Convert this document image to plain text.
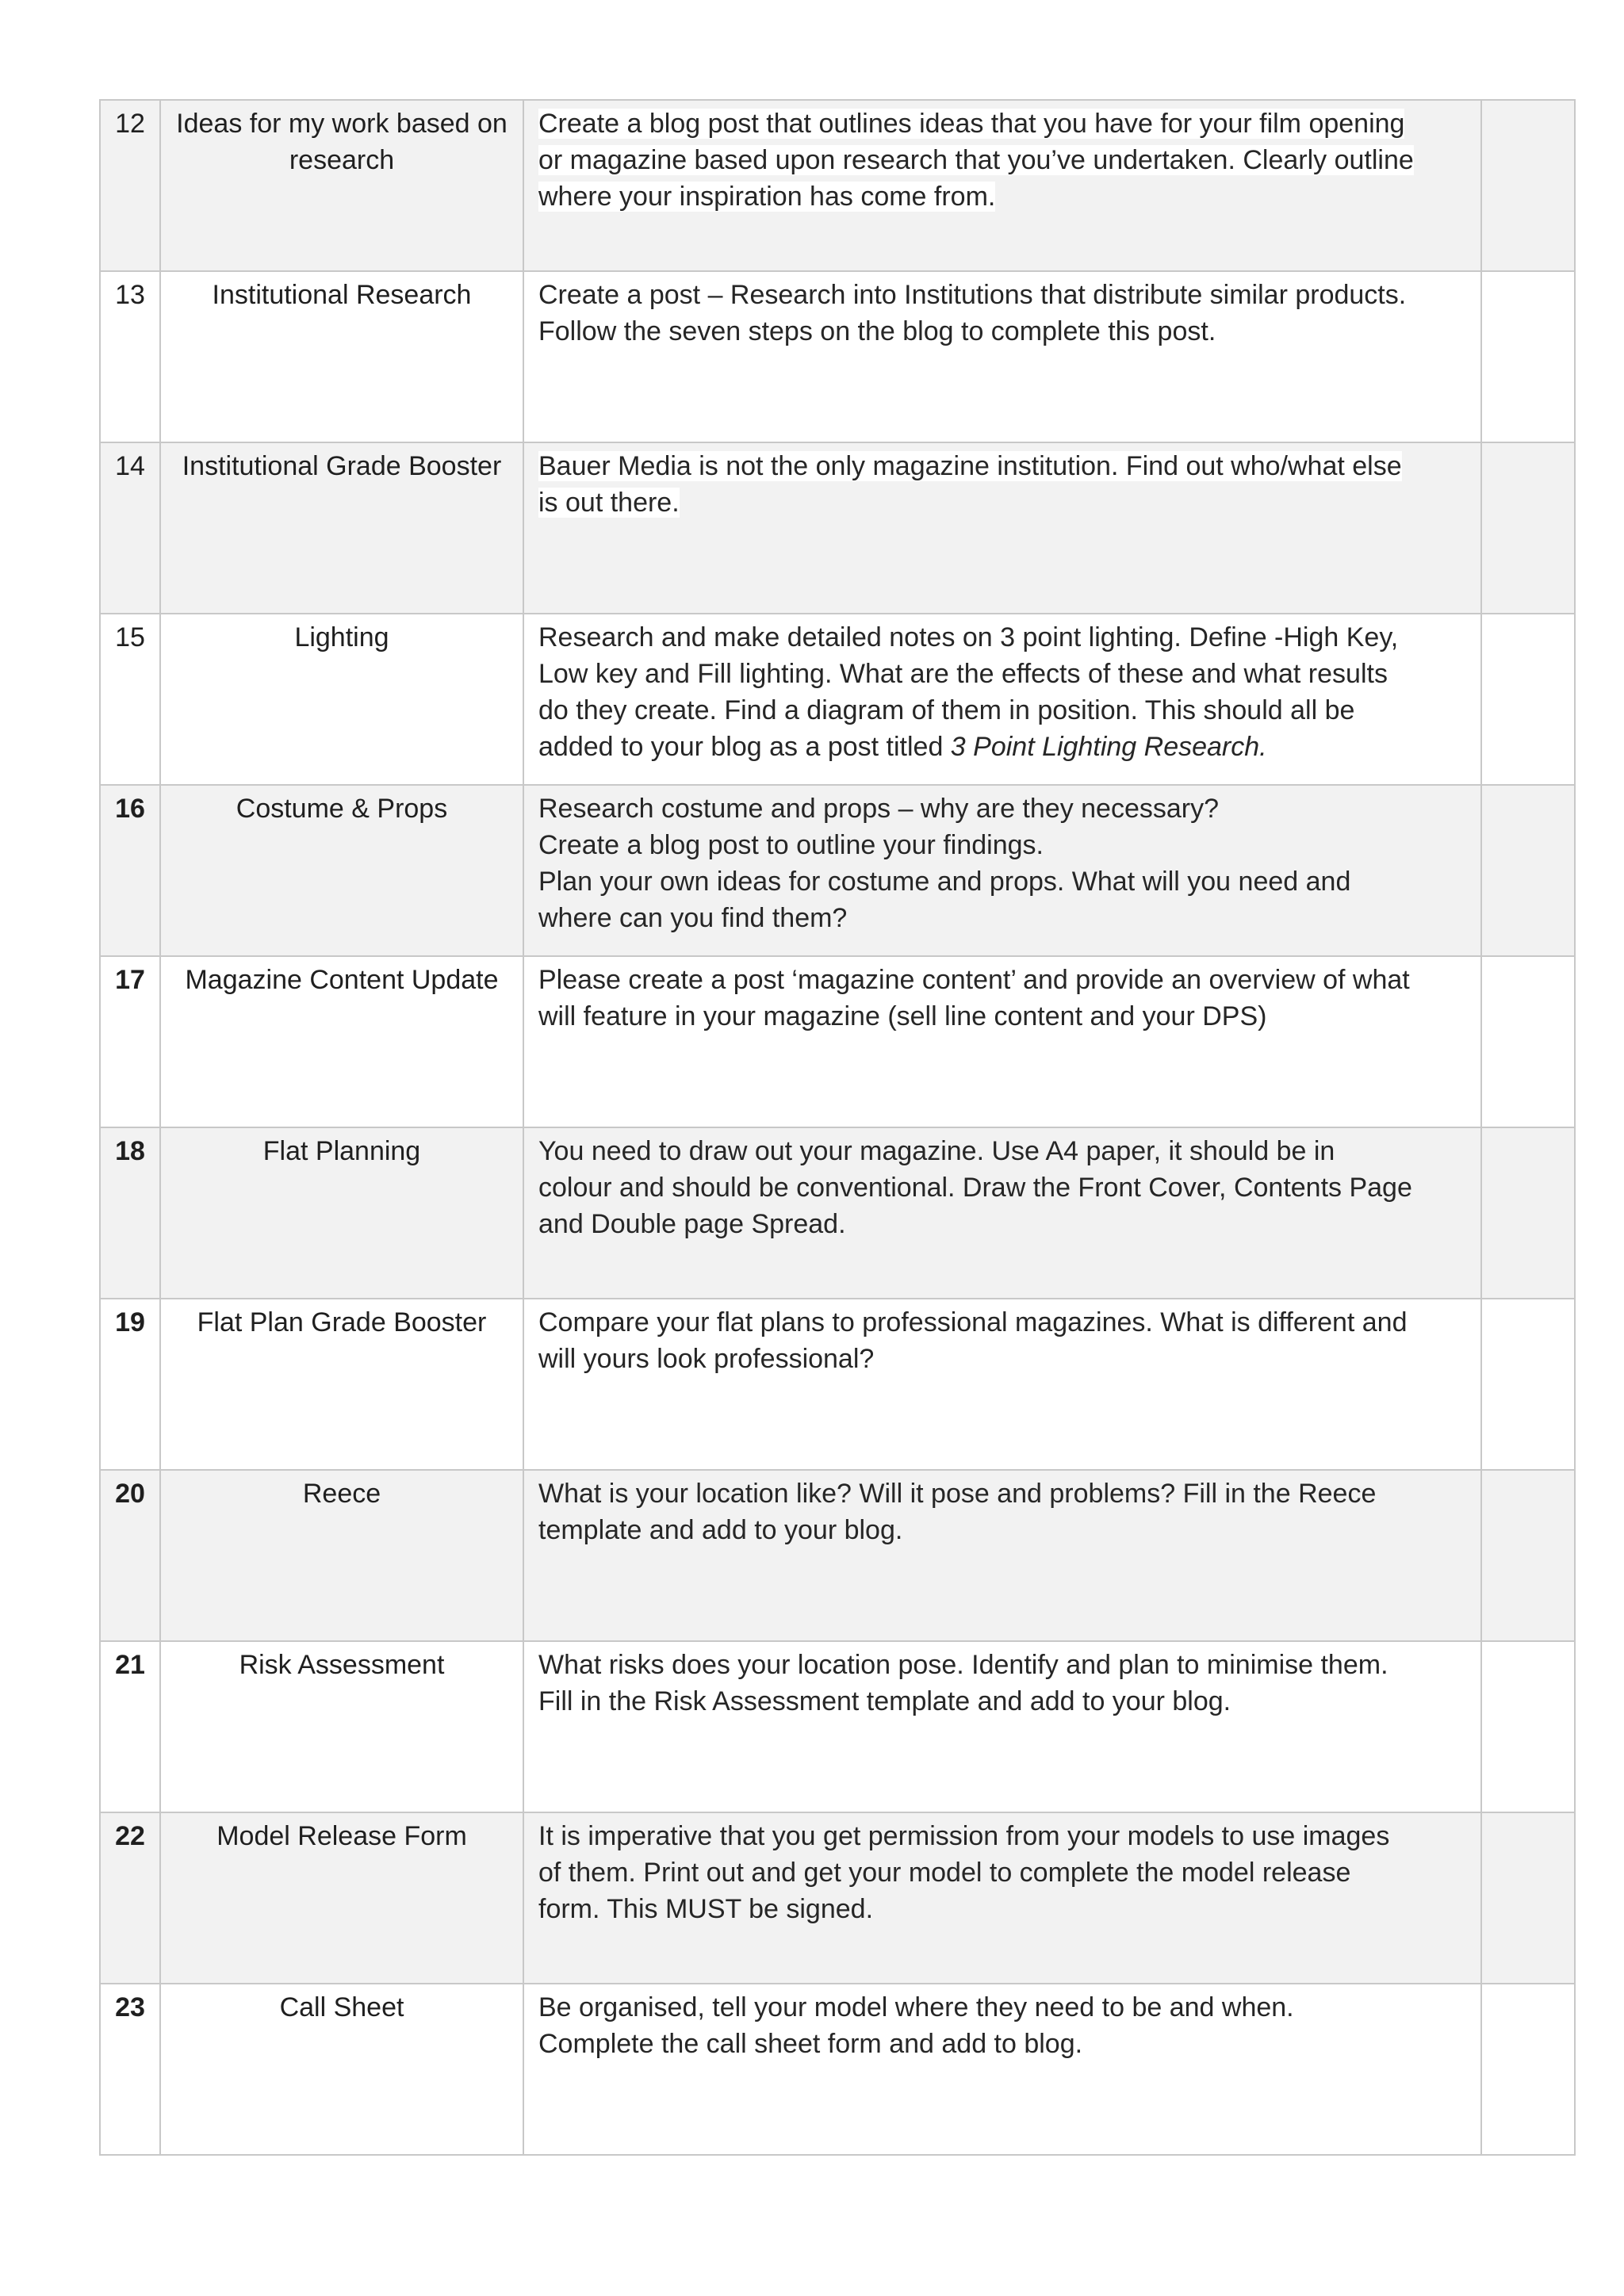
12	Ideas for my work based on research	Create a blog post that outlines ideas that you have for your film opening
or magazine based upon research that you’ve undertaken. Clearly outline
where your inspiration has come from.	

13	Institutional Research	Create a post – Research into Institutions that distribute similar products.
Follow the seven steps on the blog to complete this post.	

14	Institutional Grade Booster	Bauer Media is not the only magazine institution. Find out who/what else
is out there.	

15	Lighting	Research and make detailed notes on 3 point lighting. Define -High Key,
Low key and Fill lighting. What are the effects of these and what results
do they create. Find a diagram of them in position. This should all be
added to your blog as a post titled 3 Point Lighting Research.	

16	Costume & Props	Research costume and props – why are they necessary?
Create a blog post to outline your findings.
Plan your own ideas for costume and props. What will you need and
where can you find them?	

17	Magazine Content Update	Please create a post ‘magazine content’ and provide an overview of what
will feature in your magazine (sell line content and your DPS)	

18	Flat Planning	You need to draw out your magazine. Use A4 paper, it should be in
colour and should be conventional. Draw the Front Cover, Contents Page
and Double page Spread.	

19	Flat Plan Grade Booster	Compare your flat plans to professional magazines. What is different and
will yours look professional?	

20	Reece	What is your location like? Will it pose and problems? Fill in the Reece
template and add to your blog.	

21	Risk Assessment	What risks does your location pose. Identify and plan to minimise them.
Fill in the Risk Assessment template and add to your blog.	

22	Model Release Form	It is imperative that you get permission from your models to use images
of them. Print out and get your model to complete the model release
form. This MUST be signed.	

23	Call Sheet	Be organised, tell your model where they need to be and when.
Complete the call sheet form and add to blog.	
